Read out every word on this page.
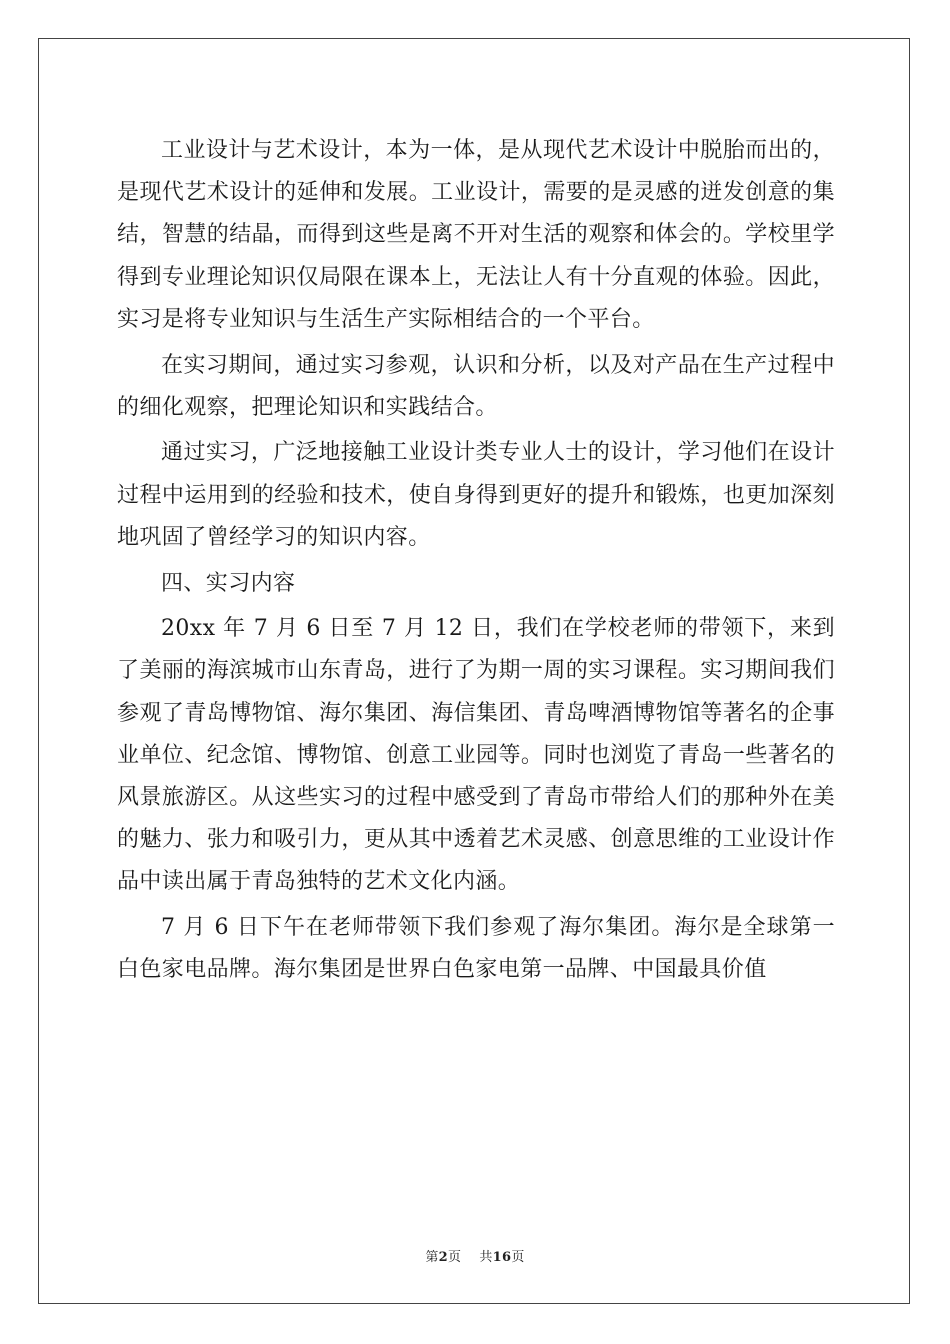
工业设计与艺术设计，本为一体，是从现代艺术设计中脱胎而出的，是现代艺术设计的延伸和发展。工业设计，需要的是灵感的迸发创意的集结，智慧的结晶，而得到这些是离不开对生活的观察和体会的。学校里学得到专业理论知识仅局限在课本上，无法让人有十分直观的体验。因此，实习是将专业知识与生活生产实际相结合的一个平台。

在实习期间，通过实习参观，认识和分析，以及对产品在生产过程中的细化观察，把理论知识和实践结合。

通过实习，广泛地接触工业设计类专业人士的设计，学习他们在设计过程中运用到的经验和技术，使自身得到更好的提升和锻炼，也更加深刻地巩固了曾经学习的知识内容。

四、实习内容

20xx 年 7 月 6 日至 7 月 12 日，我们在学校老师的带领下，来到了美丽的海滨城市山东青岛，进行了为期一周的实习课程。实习期间我们参观了青岛博物馆、海尔集团、海信集团、青岛啤酒博物馆等著名的企事业单位、纪念馆、博物馆、创意工业园等。同时也浏览了青岛一些著名的风景旅游区。从这些实习的过程中感受到了青岛市带给人们的那种外在美的魅力、张力和吸引力，更从其中透着艺术灵感、创意思维的工业设计作品中读出属于青岛独特的艺术文化内涵。

7 月 6 日下午在老师带领下我们参观了海尔集团。海尔是全球第一白色家电品牌。海尔集团是世界白色家电第一品牌、中国最具价值

第2页 共16页
